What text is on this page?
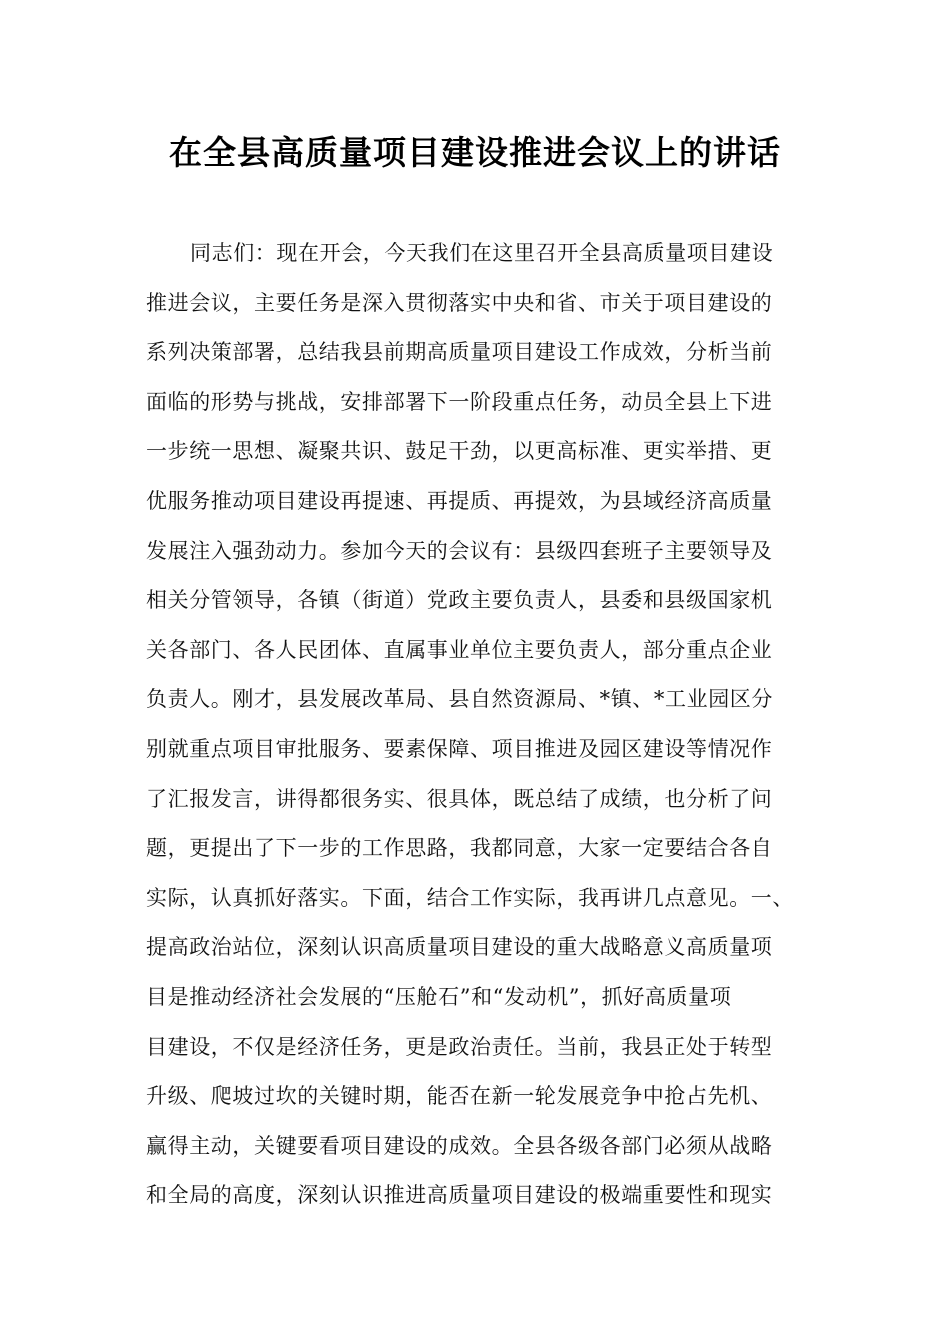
在全县高质量项目建设推进会议上的讲话
同志们：现在开会，今天我们在这里召开全县高质量项目建设
推进会议，主要任务是深入贯彻落实中央和省、市关于项目建设的
系列决策部署，总结我县前期高质量项目建设工作成效，分析当前
面临的形势与挑战，安排部署下一阶段重点任务，动员全县上下进
一步统一思想、凝聚共识、鼓足干劲，以更高标准、更实举措、更
优服务推动项目建设再提速、再提质、再提效，为县域经济高质量
发展注入强劲动力。参加今天的会议有：县级四套班子主要领导及
相关分管领导，各镇（街道）党政主要负责人，县委和县级国家机
关各部门、各人民团体、直属事业单位主要负责人，部分重点企业
负责人。刚才，县发展改革局、县自然资源局、*镇、*工业园区分
别就重点项目审批服务、要素保障、项目推进及园区建设等情况作
了汇报发言，讲得都很务实、很具体，既总结了成绩，也分析了问
题，更提出了下一步的工作思路，我都同意，大家一定要结合各自
实际，认真抓好落实。下面，结合工作实际，我再讲几点意见。一、
提高政治站位，深刻认识高质量项目建设的重大战略意义高质量项
目是推动经济社会发展的“压舱石”和“发动机”，抓好高质量项
目建设，不仅是经济任务，更是政治责任。当前，我县正处于转型
升级、爬坡过坎的关键时期，能否在新一轮发展竞争中抢占先机、
赢得主动，关键要看项目建设的成效。全县各级各部门必须从战略
和全局的高度，深刻认识推进高质量项目建设的极端重要性和现实
